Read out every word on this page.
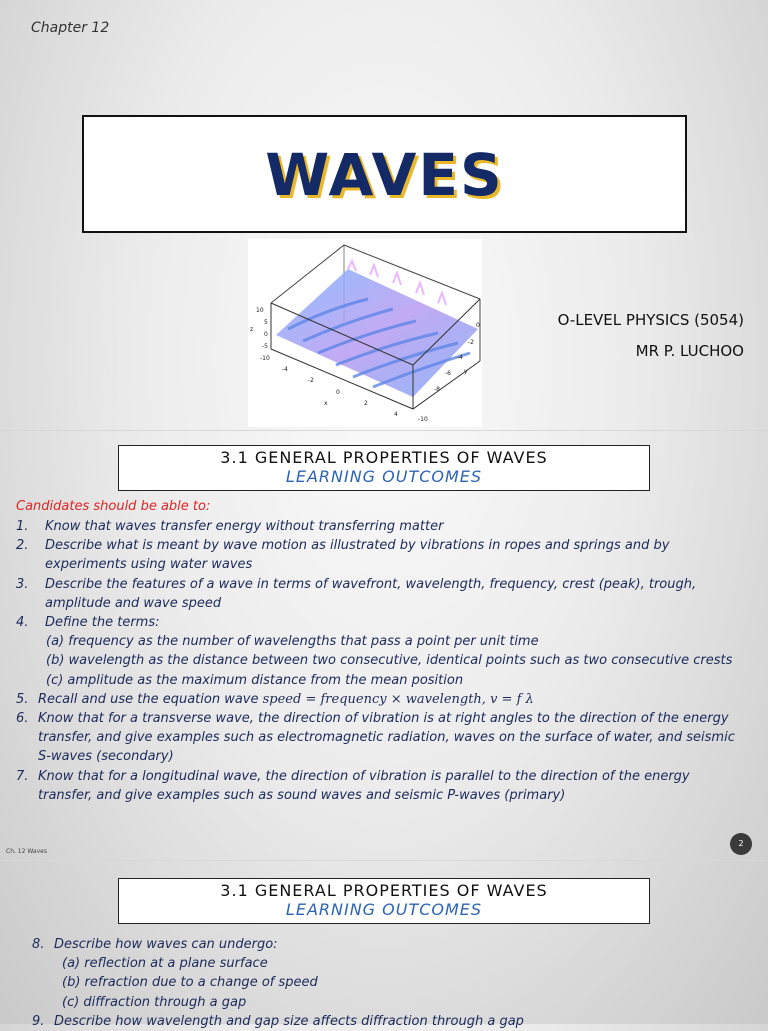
Chapter 12
WAVES
10
5
0
-5
-10
z
-4
-2
0
2
4
x
0
-2
-4
-6
-8
-10
y
O-LEVEL PHYSICS (5054)
MR P. LUCHOO
3.1 GENERAL PROPERTIES OF WAVES
LEARNING OUTCOMES
Candidates should be able to:
1.	Know that waves transfer energy without transferring matter
2.	Describe what is meant by wave motion as illustrated by vibrations in ropes and springs and by experiments using water waves
3.	Describe the features of a wave in terms of wavefront, wavelength, frequency, crest (peak), trough, amplitude and wave speed
4.	Define the terms:
(a) frequency as the number of wavelengths that pass a point per unit time
(b) wavelength as the distance between two consecutive, identical points such as two consecutive crests
(c) amplitude as the maximum distance from the mean position
5. Recall and use the equation wave speed = frequency × wavelength, v = f λ
6. Know that for a transverse wave, the direction of vibration is at right angles to the direction of the energy transfer, and give examples such as electromagnetic radiation, waves on the surface of water, and seismic S-waves (secondary)
7. Know that for a longitudinal wave, the direction of vibration is parallel to the direction of the energy transfer, and give examples such as sound waves and seismic P-waves (primary)
Ch. 12 Waves
2
3.1 GENERAL PROPERTIES OF WAVES
LEARNING OUTCOMES
8. Describe how waves can undergo:
(a) reflection at a plane surface
(b) refraction due to a change of speed
(c) diffraction through a gap
9. Describe how wavelength and gap size affects diffraction through a gap
